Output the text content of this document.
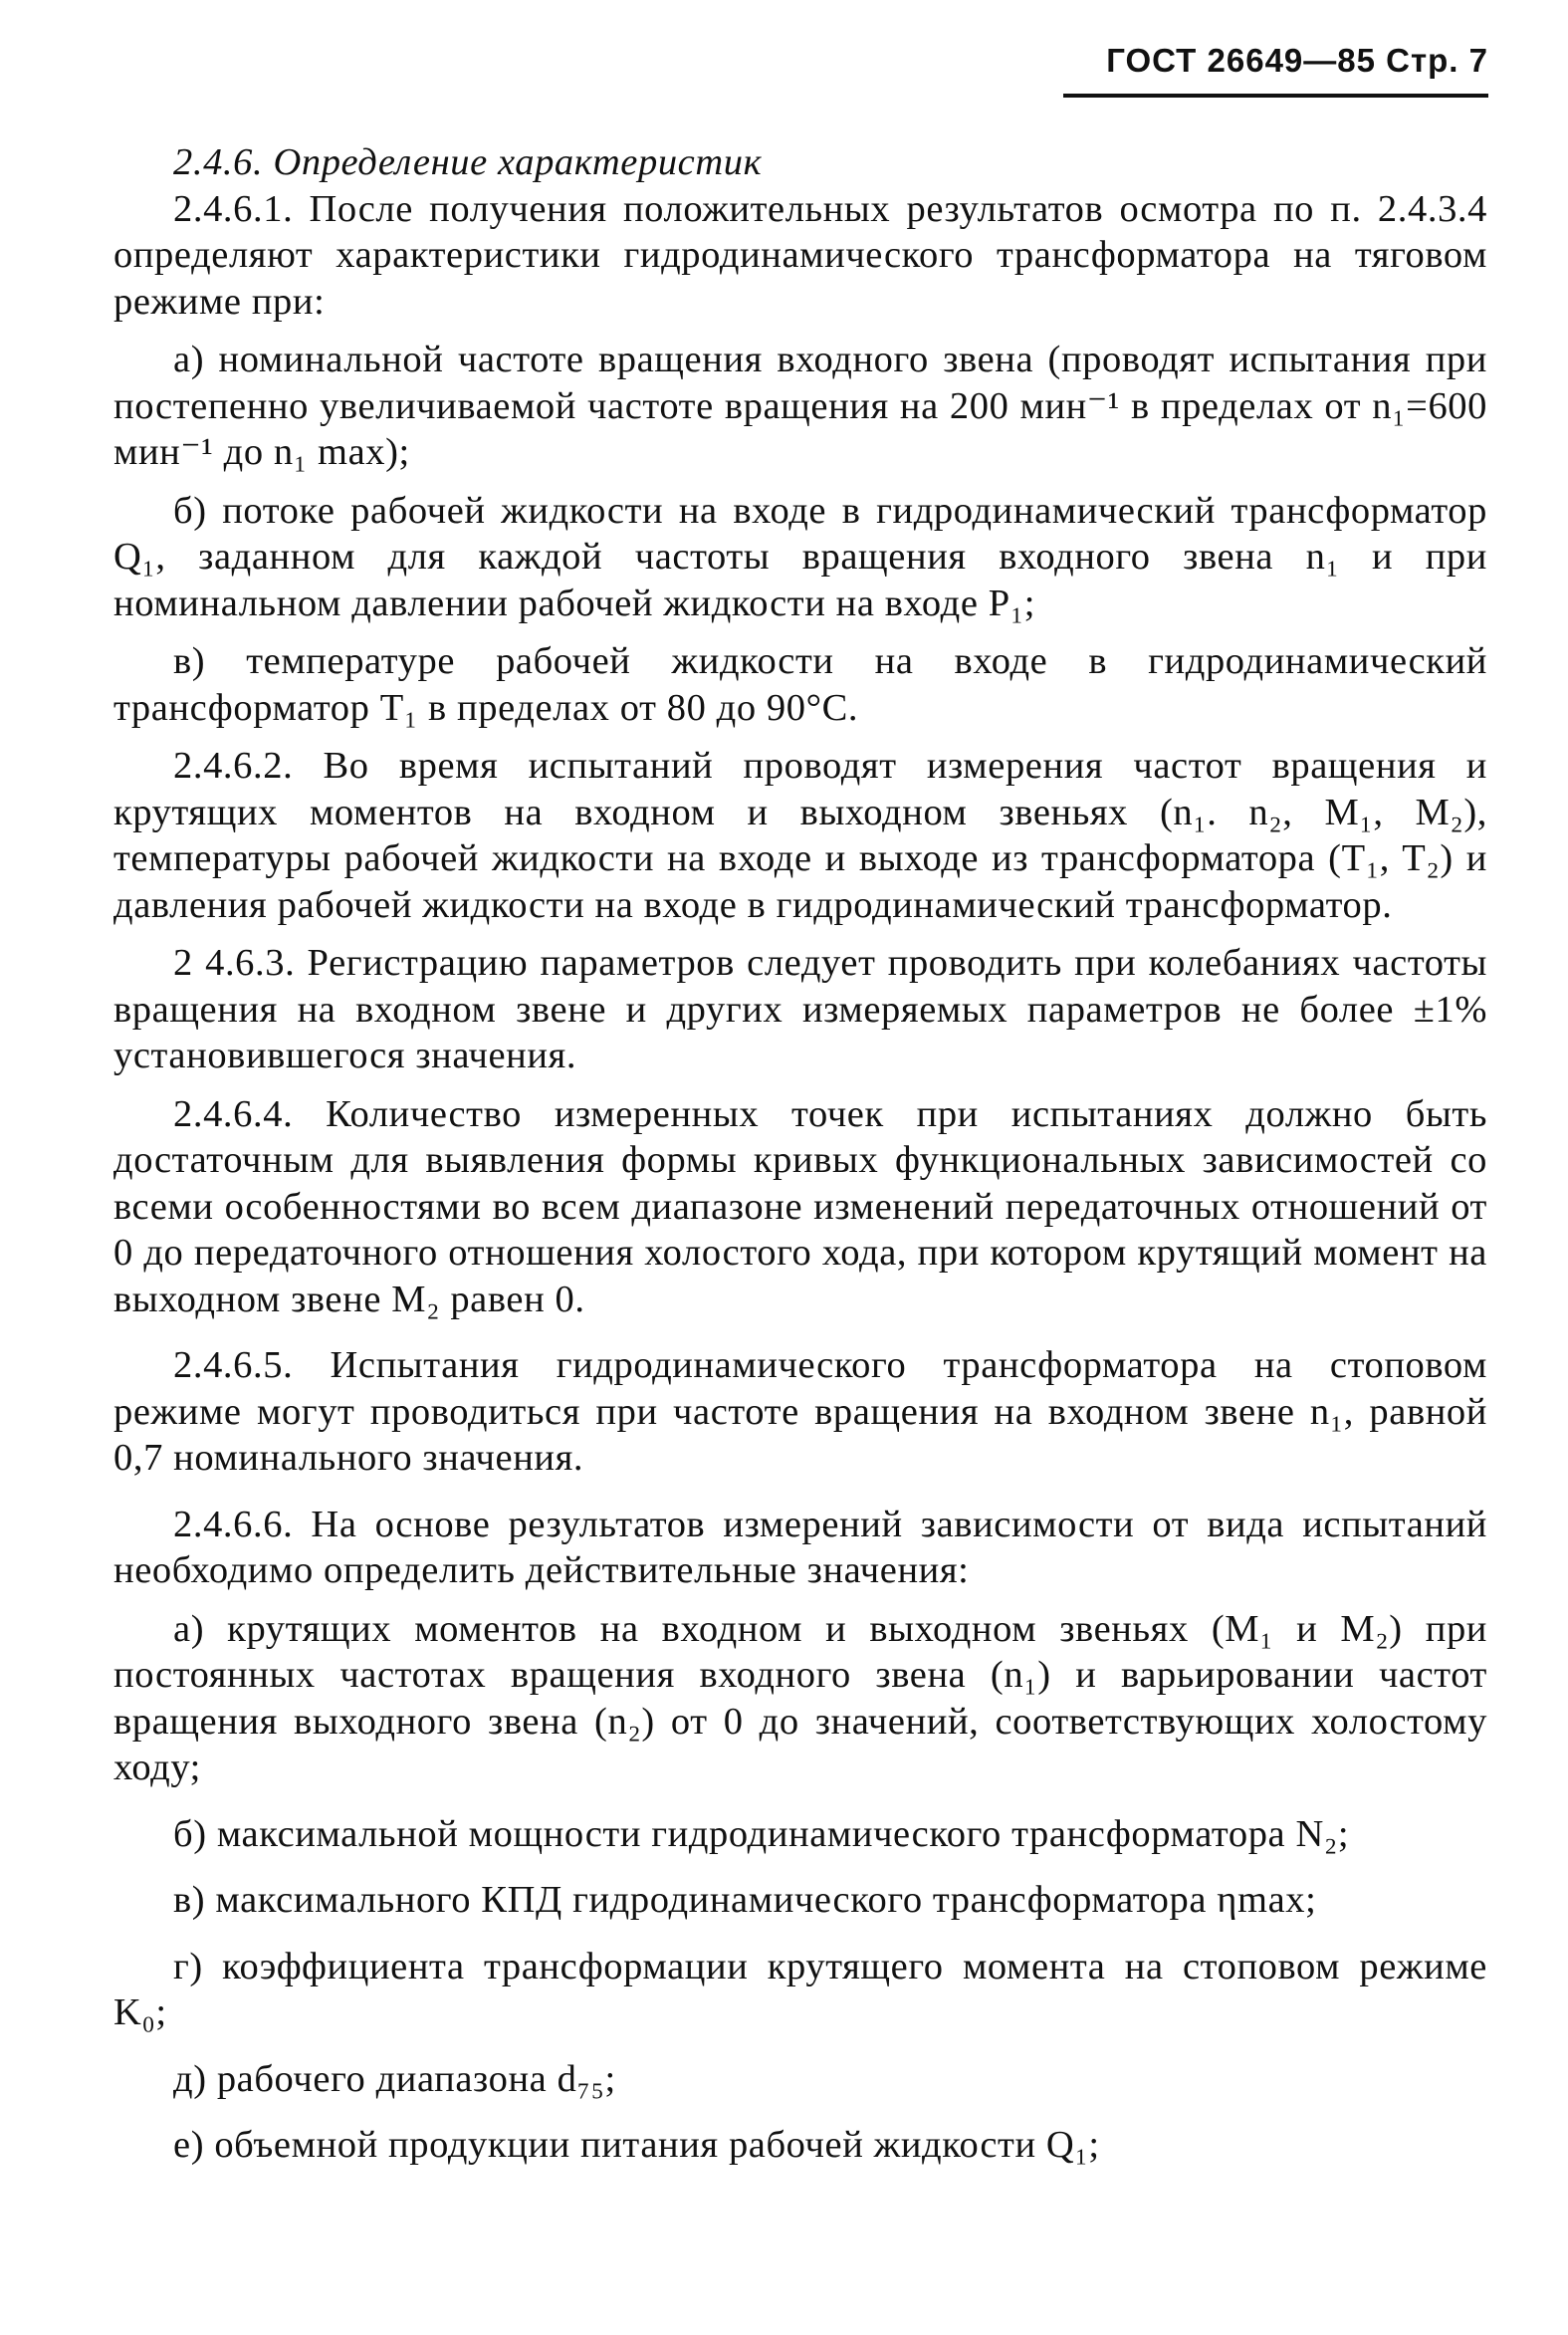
ГОСТ 26649—85 Стр. 7

2.4.6. Определение характеристик

2.4.6.1. После получения положительных результатов осмотра по п. 2.4.3.4 определяют характеристики гидродинамического трансформатора на тяговом режиме при:

а) номинальной частоте вращения входного звена (проводят испытания при постепенно увеличиваемой частоте вращения на 200 мин⁻¹ в пределах от n₁=600 мин⁻¹ до n₁ max);

б) потоке рабочей жидкости на входе в гидродинамический трансформатор Q₁, заданном для каждой частоты вращения входного звена n₁ и при номинальном давлении рабочей жидкости на входе P₁;

в) температуре рабочей жидкости на входе в гидродинамический трансформатор T₁ в пределах от 80 до 90°C.

2.4.6.2. Во время испытаний проводят измерения частот вращения и крутящих моментов на входном и выходном звеньях (n₁. n₂, M₁, M₂), температуры рабочей жидкости на входе и выходе из трансформатора (T₁, T₂) и давления рабочей жидкости на входе в гидродинамический трансформатор.

2 4.6.3. Регистрацию параметров следует проводить при колебаниях частоты вращения на входном звене и других измеряемых параметров не более ±1% установившегося значения.

2.4.6.4. Количество измеренных точек при испытаниях должно быть достаточным для выявления формы кривых функциональных зависимостей со всеми особенностями во всем диапазоне изменений передаточных отношений от 0 до передаточного отношения холостого хода, при котором крутящий момент на выходном звене M₂ равен 0.

2.4.6.5. Испытания гидродинамического трансформатора на стоповом режиме могут проводиться при частоте вращения на входном звене n₁, равной 0,7 номинального значения.

2.4.6.6. На основе результатов измерений зависимости от вида испытаний необходимо определить действительные значения:

а) крутящих моментов на входном и выходном звеньях (M₁ и M₂) при постоянных частотах вращения входного звена (n₁) и варьировании частот вращения выходного звена (n₂) от 0 до значений, соответствующих холостому ходу;

б) максимальной мощности гидродинамического трансформатора N₂;

в) максимального КПД гидродинамического трансформатора ηmax;

г) коэффициента трансформации крутящего момента на стоповом режиме K₀;

д) рабочего диапазона d₇₅;

е) объемной продукции питания рабочей жидкости Q₁;
